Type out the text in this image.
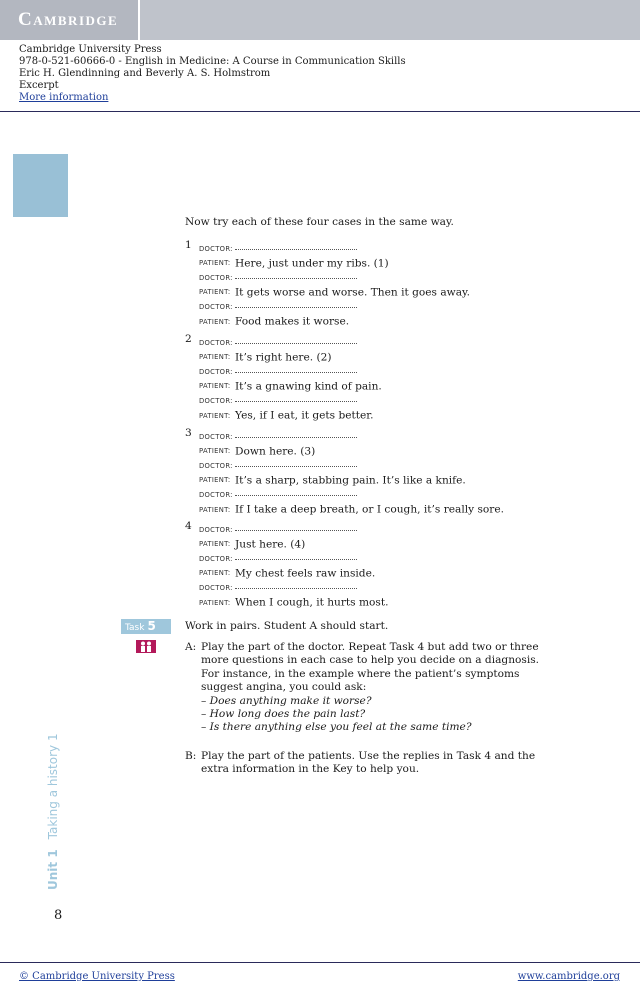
Cambridge
Cambridge University Press
978-0-521-60666-0 - English in Medicine: A Course in Communication Skills
Eric H. Glendinning and Beverly A. S. Holmstrom
Excerpt
More information
Now try each of these four cases in the same way.
1 DOCTOR:
PATIENT: Here, just under my ribs. (1)
DOCTOR:
PATIENT: It gets worse and worse. Then it goes away.
DOCTOR:
PATIENT: Food makes it worse.
2 DOCTOR:
PATIENT: It’s right here. (2)
DOCTOR:
PATIENT: It’s a gnawing kind of pain.
DOCTOR:
PATIENT: Yes, if I eat, it gets better.
3 DOCTOR:
PATIENT: Down here. (3)
DOCTOR:
PATIENT: It’s a sharp, stabbing pain. It’s like a knife.
DOCTOR:
PATIENT: If I take a deep breath, or I cough, it’s really sore.
4 DOCTOR:
PATIENT: Just here. (4)
DOCTOR:
PATIENT: My chest feels raw inside.
DOCTOR:
PATIENT: When I cough, it hurts most.
Task 5	Work in pairs. Student A should start.
A: Play the part of the doctor. Repeat Task 4 but add two or three more questions in each case to help you decide on a diagnosis. For instance, in the example where the patient’s symptoms suggest angina, you could ask:
– Does anything make it worse?
– How long does the pain last?
– Is there anything else you feel at the same time?
B: Play the part of the patients. Use the replies in Task 4 and the extra information in the Key to help you.
Unit 1Taking a history 1
8
© Cambridge University Press	www.cambridge.org
